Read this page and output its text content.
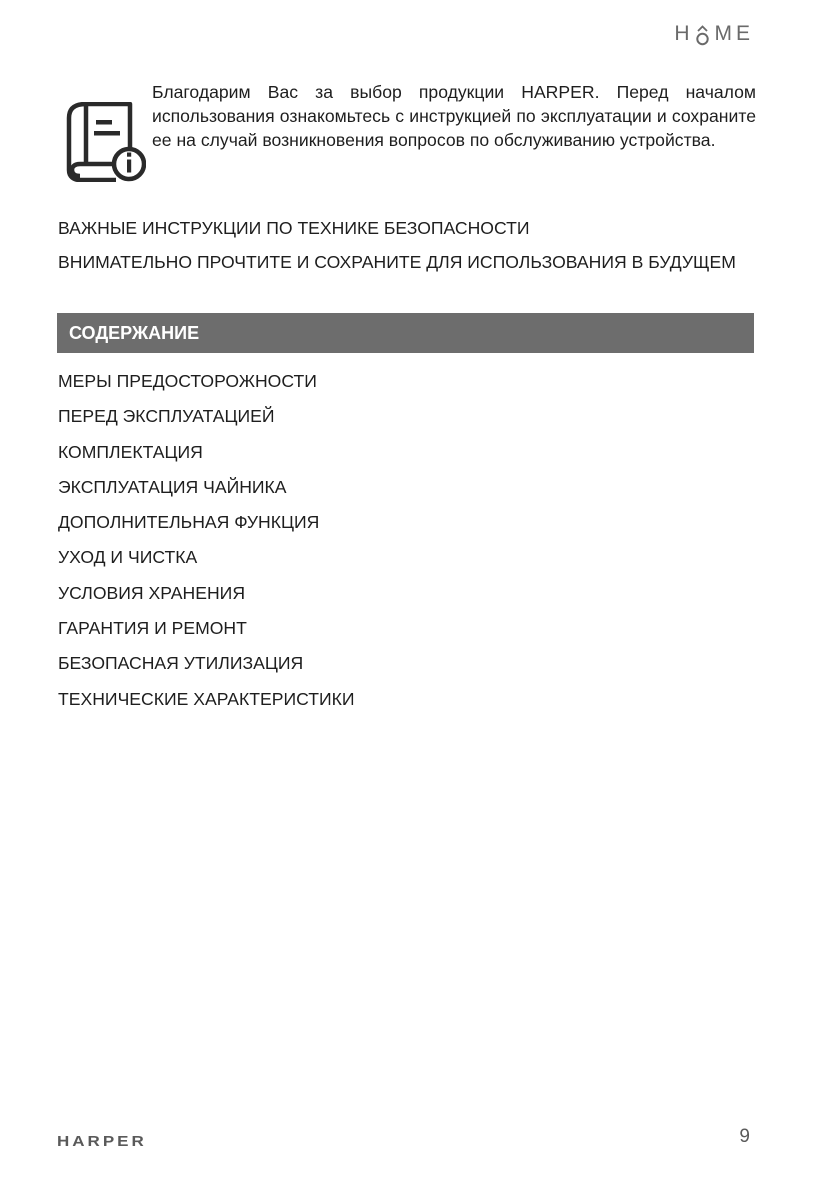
H M E
Благодарим Вас за выбор продукции HARPER. Перед началом использования ознакомьтесь с инструкцией по эксплуатации и сохраните ее на случай возникновения вопросов по обслуживанию устройства.
ВАЖНЫЕ ИНСТРУКЦИИ ПО ТЕХНИКЕ БЕЗОПАСНОСТИ
ВНИМАТЕЛЬНО ПРОЧТИТЕ И СОХРАНИТЕ ДЛЯ ИСПОЛЬЗОВАНИЯ В БУДУЩЕМ
СОДЕРЖАНИЕ
МЕРЫ ПРЕДОСТОРОЖНОСТИ
ПЕРЕД ЭКСПЛУАТАЦИЕЙ
КОМПЛЕКТАЦИЯ
ЭКСПЛУАТАЦИЯ ЧАЙНИКА
ДОПОЛНИТЕЛЬНАЯ ФУНКЦИЯ
УХОД И ЧИСТКА
УСЛОВИЯ ХРАНЕНИЯ
ГАРАНТИЯ И РЕМОНТ
БЕЗОПАСНАЯ УТИЛИЗАЦИЯ
ТЕХНИЧЕСКИЕ ХАРАКТЕРИСТИКИ
HARPER	9
